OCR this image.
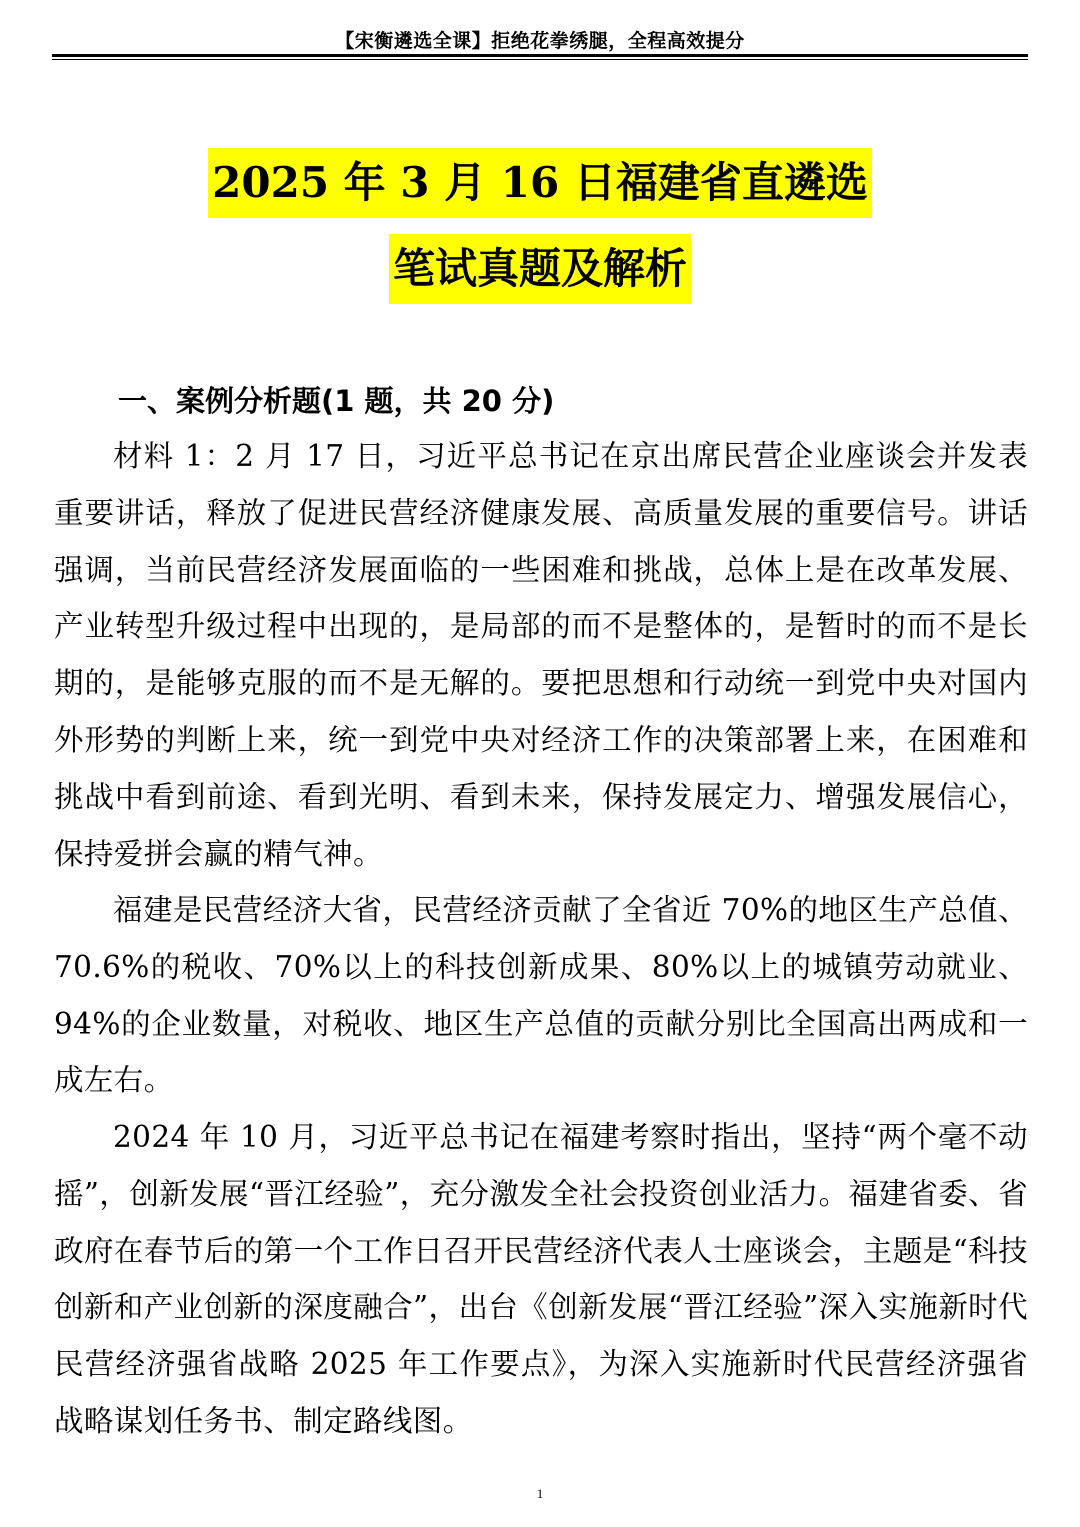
【宋衡遴选全课】拒绝花拳绣腿，全程高效提分
2025 年 3 月 16 日福建省直遴选
笔试真题及解析
一、案例分析题(1 题，共 20 分)

材料 1：2 月 17 日，习近平总书记在京出席民营企业座谈会并发表重要讲话，释放了促进民营经济健康发展、高质量发展的重要信号。讲话强调，当前民营经济发展面临的一些困难和挑战，总体上是在改革发展、产业转型升级过程中出现的，是局部的而不是整体的，是暂时的而不是长期的，是能够克服的而不是无解的。要把思想和行动统一到党中央对国内外形势的判断上来，统一到党中央对经济工作的决策部署上来，在困难和挑战中看到前途、看到光明、看到未来，保持发展定力、增强发展信心，保持爱拼会赢的精气神。

福建是民营经济大省，民营经济贡献了全省近 70%的地区生产总值、70.6%的税收、70%以上的科技创新成果、80%以上的城镇劳动就业、94%的企业数量，对税收、地区生产总值的贡献分别比全国高出两成和一成左右。

2024 年 10 月，习近平总书记在福建考察时指出，坚持“两个毫不动摇”，创新发展“晋江经验”，充分激发全社会投资创业活力。福建省委、省政府在春节后的第一个工作日召开民营经济代表人士座谈会，主题是“科技创新和产业创新的深度融合”，出台《创新发展“晋江经验”深入实施新时代民营经济强省战略 2025 年工作要点》，为深入实施新时代民营经济强省战略谋划任务书、制定路线图。

1
